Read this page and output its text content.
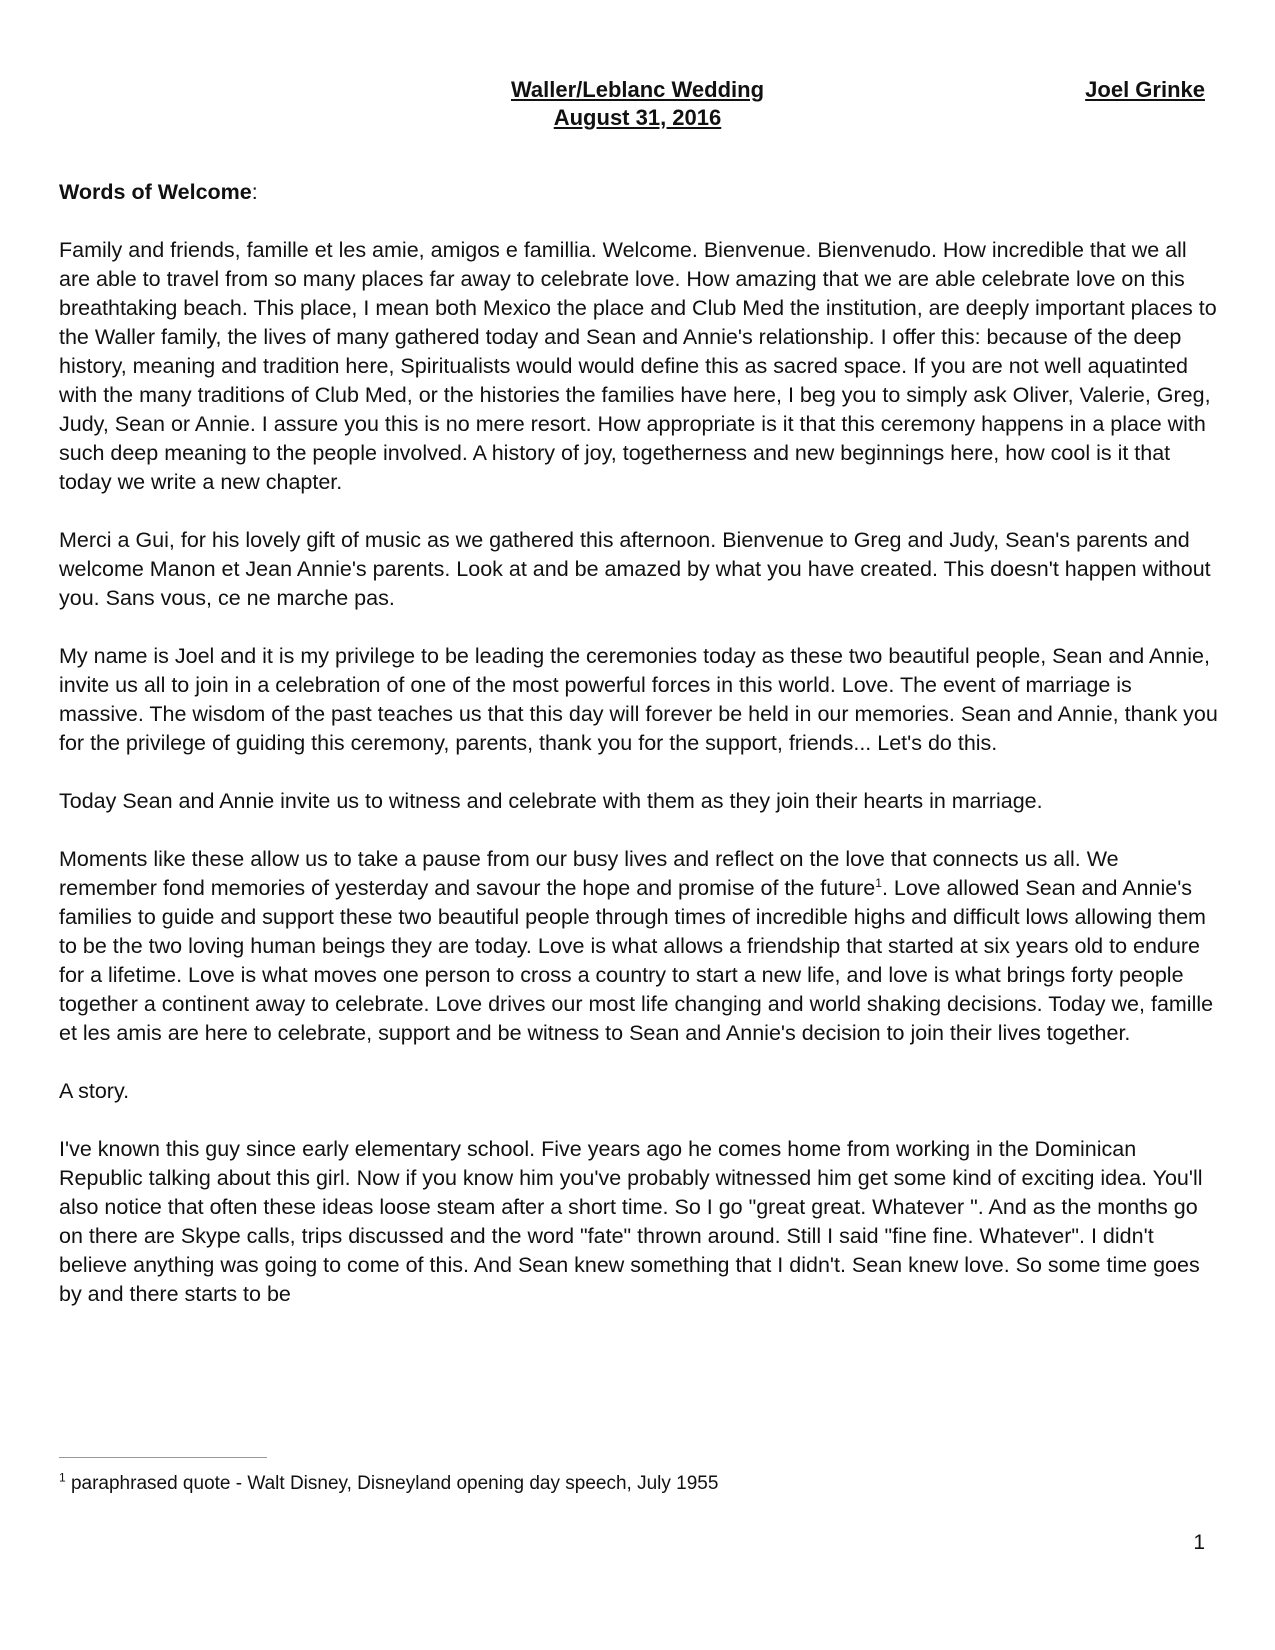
Waller/Leblanc Wedding
August 31, 2016
Joel Grinke

Words of Welcome:

Family and friends, famille et les amie, amigos e famillia. Welcome. Bienvenue. Bienvenudo. How incredible that we all are able to travel from so many places far away to celebrate love. How amazing that we are able celebrate love on this breathtaking beach. This place, I mean both Mexico the place and Club Med the institution, are deeply important places to the Waller family, the lives of many gathered today and Sean and Annie's relationship. I offer this: because of the deep history, meaning and tradition here, Spiritualists would would define this as sacred space. If you are not well aquatinted with the many traditions of Club Med, or the histories the families have here, I beg you to simply ask Oliver, Valerie, Greg, Judy, Sean or Annie. I assure you this is no mere resort. How appropriate is it that this ceremony happens in a place with such deep meaning to the people involved. A history of joy, togetherness and new beginnings here, how cool is it that today we write a new chapter.

Merci a Gui, for his lovely gift of music as we gathered this afternoon. Bienvenue to Greg and Judy, Sean's parents and welcome Manon et Jean Annie's parents. Look at and be amazed by what you have created. This doesn't happen without you. Sans vous, ce ne marche pas.

My name is Joel and it is my privilege to be leading the ceremonies today as these two beautiful people, Sean and Annie, invite us all to join in a celebration of one of the most powerful forces in this world. Love. The event of marriage is massive. The wisdom of the past teaches us that this day will forever be held in our memories. Sean and Annie, thank you for the privilege of guiding this ceremony, parents, thank you for the support, friends... Let's do this.

Today Sean and Annie invite us to witness and celebrate with them as they join their hearts in marriage.

Moments like these allow us to take a pause from our busy lives and reflect on the love that connects us all. We remember fond memories of yesterday and savour the hope and promise of the future$^1$. Love allowed Sean and Annie's families to guide and support these two beautiful people through times of incredible highs and difficult lows allowing them to be the two loving human beings they are today. Love is what allows a friendship that started at six years old to endure for a lifetime. Love is what moves one person to cross a country to start a new life, and love is what brings forty people together a continent away to celebrate. Love drives our most life changing and world shaking decisions. Today we, famille et les amis are here to celebrate, support and be witness to Sean and Annie's decision to join their lives together.

A story.

I've known this guy since early elementary school. Five years ago he comes home from working in the Dominican Republic talking about this girl. Now if you know him you've probably witnessed him get some kind of exciting idea. You'll also notice that often these ideas loose steam after a short time. So I go "great great. Whatever ". And as the months go on there are Skype calls, trips discussed and the word "fate" thrown around. Still I said "fine fine. Whatever". I didn't believe anything was going to come of this. And Sean knew something that I didn't. Sean knew love. So some time goes by and there starts to be

$^1$ paraphrased quote - Walt Disney, Disneyland opening day speech, July 1955
1
